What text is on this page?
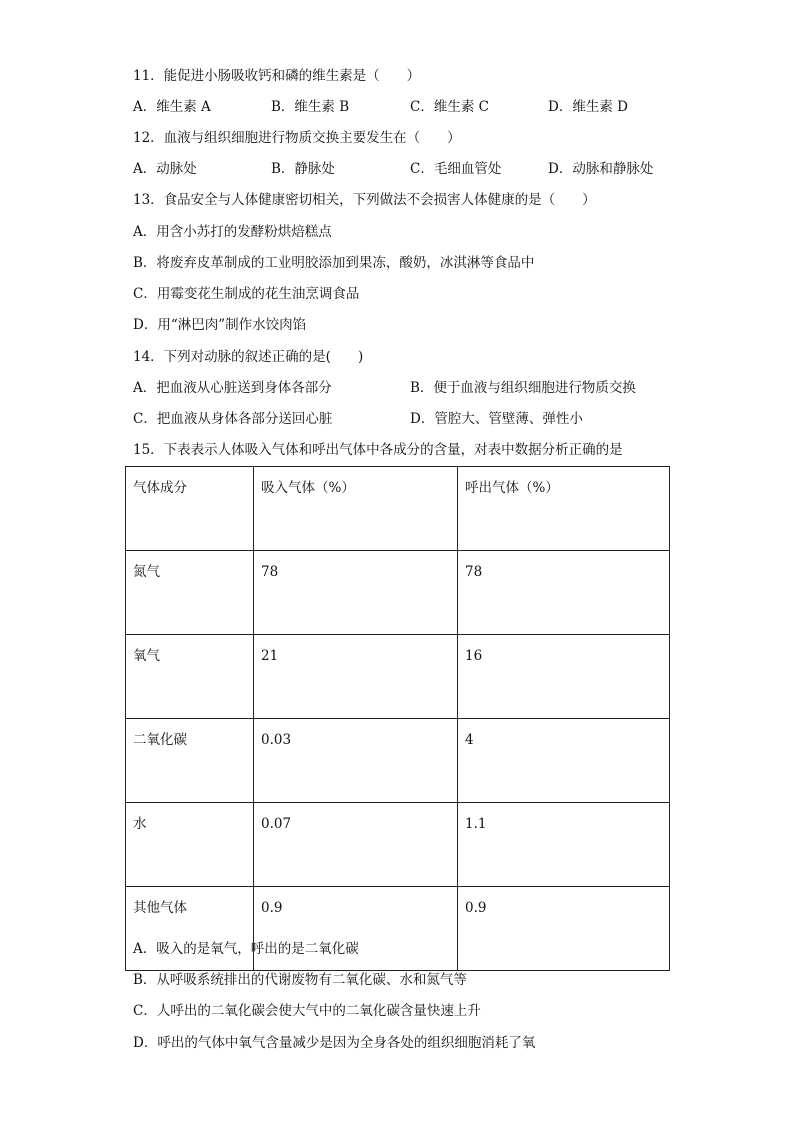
11．能促进小肠吸收钙和磷的维生素是（　　）
A．维生素 A	B．维生素 B	C．维生素 C	D．维生素 D
12．血液与组织细胞进行物质交换主要发生在（　　）
A．动脉处	B．静脉处	C．毛细血管处	D．动脉和静脉处
13．食品安全与人体健康密切相关，下列做法不会损害人体健康的是（　　）
A．用含小苏打的发酵粉烘焙糕点
B．将废弃皮革制成的工业明胶添加到果冻，酸奶，冰淇淋等食品中
C．用霉变花生制成的花生油烹调食品
D．用“淋巴肉”制作水饺肉馅
14．下列对动脉的叙述正确的是(　　)
A．把血液从心脏送到身体各部分	B．便于血液与组织细胞进行物质交换
C．把血液从身体各部分送回心脏	D．管腔大、管壁薄、弹性小
15．下表表示人体吸入气体和呼出气体中各成分的含量，对表中数据分析正确的是
气体成分	吸入气体（%）	呼出气体（%）
氮气	78	78
氧气	21	16
二氧化碳	0.03	4
水	0.07	1.1
其他气体	0.9	0.9
A．吸入的是氧气，呼出的是二氧化碳
B．从呼吸系统排出的代谢废物有二氧化碳、水和氮气等
C．人呼出的二氧化碳会使大气中的二氧化碳含量快速上升
D．呼出的气体中氧气含量减少是因为全身各处的组织细胞消耗了氧
